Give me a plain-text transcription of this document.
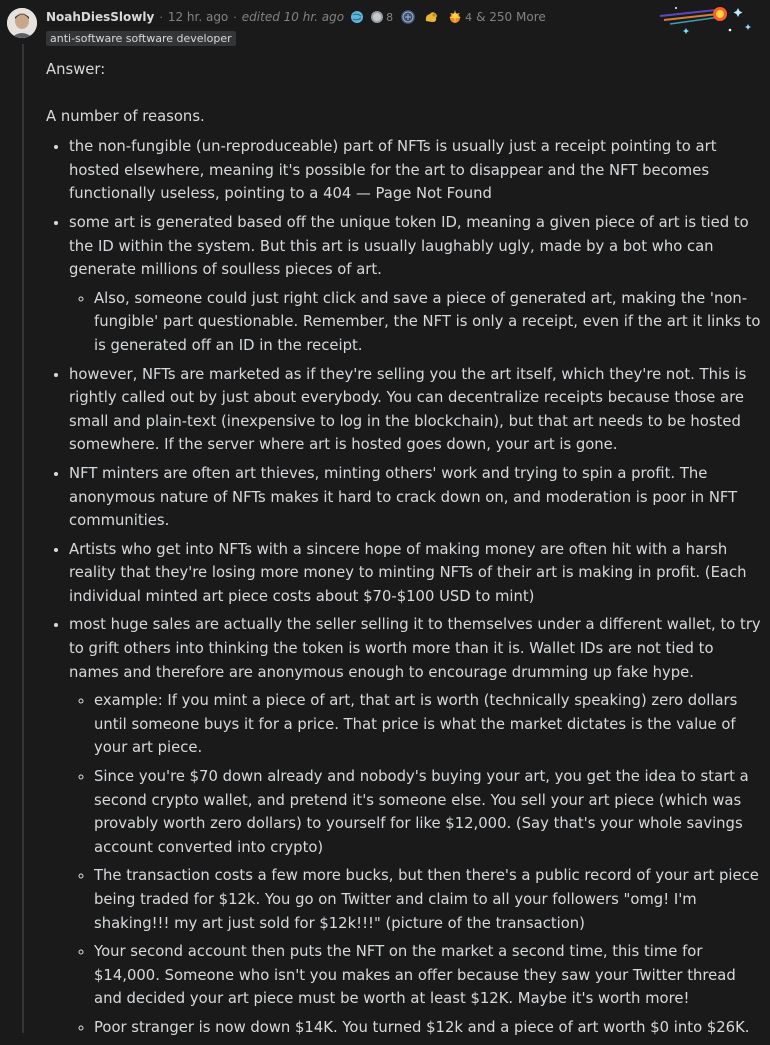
NoahDiesSlowly · 12 hr. ago · edited 10 hr. ago	8	4 & 250 More
anti-software software developer

Answer:

A number of reasons.

• the non-fungible (un-reproduceable) part of NFTs is usually just a receipt pointing to art hosted elsewhere, meaning it's possible for the art to disappear and the NFT becomes functionally useless, pointing to a 404 — Page Not Found
• some art is generated based off the unique token ID, meaning a given piece of art is tied to the ID within the system. But this art is usually laughably ugly, made by a bot who can generate millions of soulless pieces of art.
◦ Also, someone could just right click and save a piece of generated art, making the 'non-fungible' part questionable. Remember, the NFT is only a receipt, even if the art it links to is generated off an ID in the receipt.
• however, NFTs are marketed as if they're selling you the art itself, which they're not. This is rightly called out by just about everybody. You can decentralize receipts because those are small and plain-text (inexpensive to log in the blockchain), but that art needs to be hosted somewhere. If the server where art is hosted goes down, your art is gone.
• NFT minters are often art thieves, minting others' work and trying to spin a profit. The anonymous nature of NFTs makes it hard to crack down on, and moderation is poor in NFT communities.
• Artists who get into NFTs with a sincere hope of making money are often hit with a harsh reality that they're losing more money to minting NFTs of their art is making in profit. (Each individual minted art piece costs about $70-$100 USD to mint)
• most huge sales are actually the seller selling it to themselves under a different wallet, to try to grift others into thinking the token is worth more than it is. Wallet IDs are not tied to names and therefore are anonymous enough to encourage drumming up fake hype.
◦ example: If you mint a piece of art, that art is worth (technically speaking) zero dollars until someone buys it for a price. That price is what the market dictates is the value of your art piece.
◦ Since you're $70 down already and nobody's buying your art, you get the idea to start a second crypto wallet, and pretend it's someone else. You sell your art piece (which was provably worth zero dollars) to yourself for like $12,000. (Say that's your whole savings account converted into crypto)
◦ The transaction costs a few more bucks, but then there's a public record of your art piece being traded for $12k. You go on Twitter and claim to all your followers "omg! I'm shaking!!! my art just sold for $12k!!!" (picture of the transaction)
◦ Your second account then puts the NFT on the market a second time, this time for $14,000. Someone who isn't you makes an offer because they saw your Twitter thread and decided your art piece must be worth at least $12K. Maybe it's worth more!
◦ Poor stranger is now down $14K. You turned $12k and a piece of art worth $0 into $26K.
